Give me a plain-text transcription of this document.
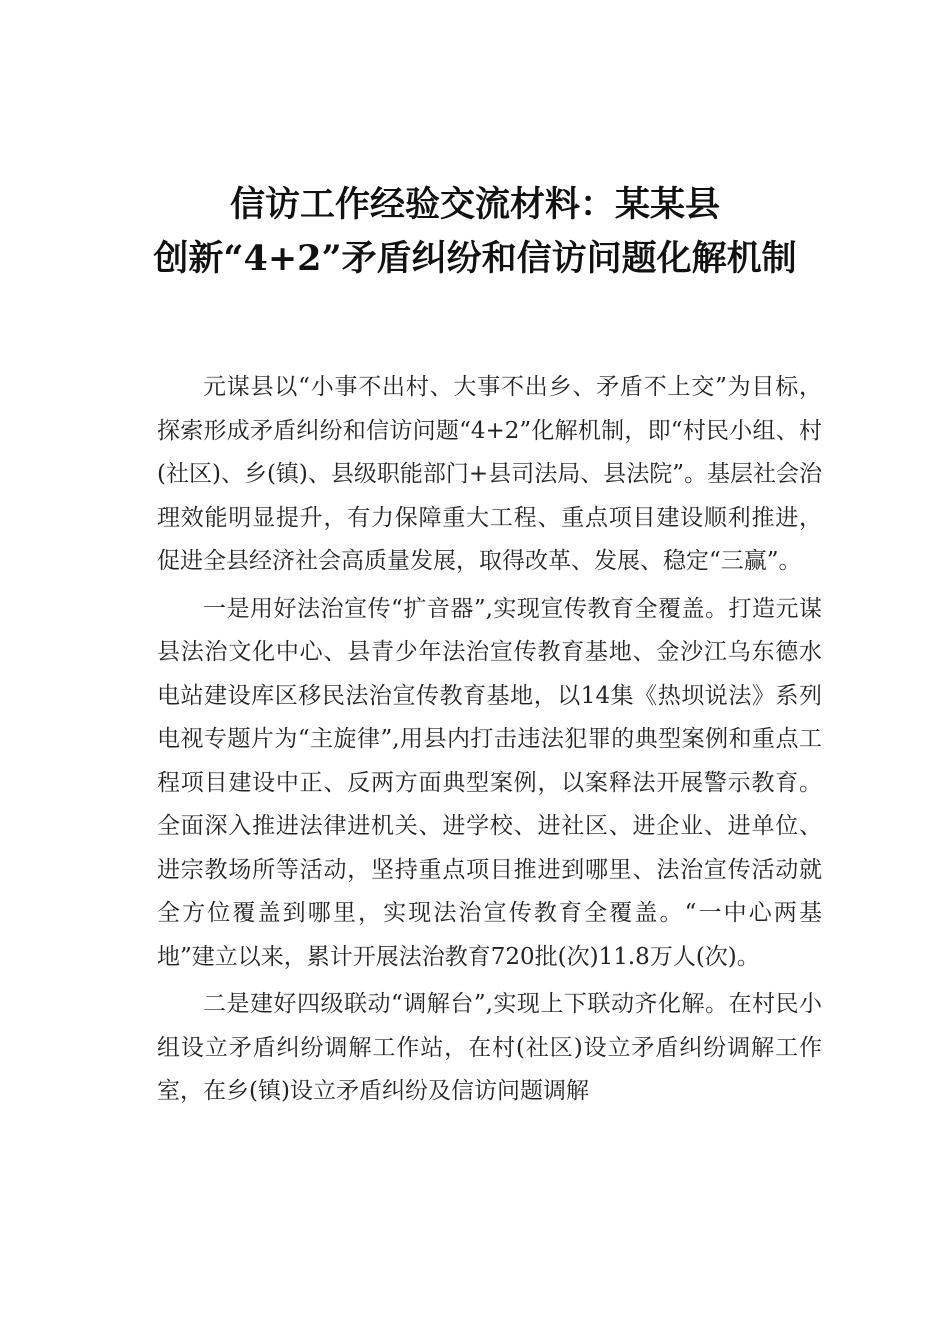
信访工作经验交流材料：某某县
创新“4+2”矛盾纠纷和信访问题化解机制

元谋县以“小事不出村、大事不出乡、矛盾不上交”为目标，探索形成矛盾纠纷和信访问题“4+2”化解机制，即“村民小组、村(社区)、乡(镇)、县级职能部门+县司法局、县法院”。基层社会治理效能明显提升，有力保障重大工程、重点项目建设顺利推进，促进全县经济社会高质量发展，取得改革、发展、稳定“三赢”。

一是用好法治宣传“扩音器”,实现宣传教育全覆盖。打造元谋县法治文化中心、县青少年法治宣传教育基地、金沙江乌东德水电站建设库区移民法治宣传教育基地，以14集《热坝说法》系列电视专题片为“主旋律”,用县内打击违法犯罪的典型案例和重点工程项目建设中正、反两方面典型案例，以案释法开展警示教育。全面深入推进法律进机关、进学校、进社区、进企业、进单位、进宗教场所等活动，坚持重点项目推进到哪里、法治宣传活动就全方位覆盖到哪里，实现法治宣传教育全覆盖。“一中心两基地”建立以来，累计开展法治教育720批(次)11.8万人(次)。

二是建好四级联动“调解台”,实现上下联动齐化解。在村民小组设立矛盾纠纷调解工作站，在村(社区)设立矛盾纠纷调解工作室，在乡(镇)设立矛盾纠纷及信访问题调解
